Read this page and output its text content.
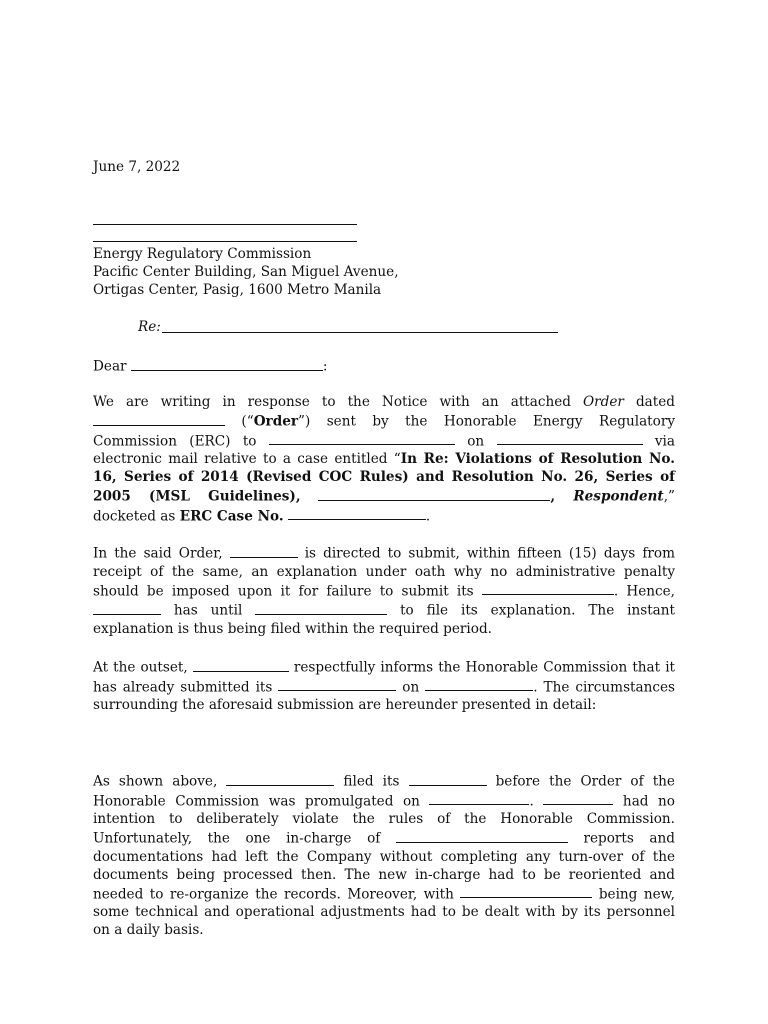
June 7, 2022

Energy Regulatory Commission
Pacific Center Building, San Miguel Avenue,
Ortigas Center, Pasig, 1600 Metro Manila
Re:

Dear	:

We are writing in response to the Notice with an attached Order dated  (“Order”) sent by the Honorable Energy Regulatory Commission (ERC) to	on	via electronic mail relative to a case entitled “In Re: Violations of Resolution No. 16, Series of 2014 (Revised COC Rules) and Resolution No. 26, Series of 2005 (MSL Guidelines),	, Respondent,” docketed as ERC Case No.	.

In the said Order,	is directed to submit, within fifteen (15) days from receipt of the same, an explanation under oath why no administrative penalty should be imposed upon it for failure to submit its	. Hence,  has until	to file its explanation. The instant explanation is thus being filed within the required period.

At the outset,	respectfully informs the Honorable Commission that it has already submitted its	on	. The circumstances surrounding the aforesaid submission are hereunder presented in detail:

As shown above,	filed its	before the Order of the Honorable Commission was promulgated on	.	had no intention to deliberately violate the rules of the Honorable Commission. Unfortunately, the one in-charge of	reports and documentations had left the Company without completing any turn-over of the documents being processed then. The new in-charge had to be reoriented and needed to re-organize the records. Moreover, with	being new, some technical and operational adjustments had to be dealt with by its personnel on a daily basis.
